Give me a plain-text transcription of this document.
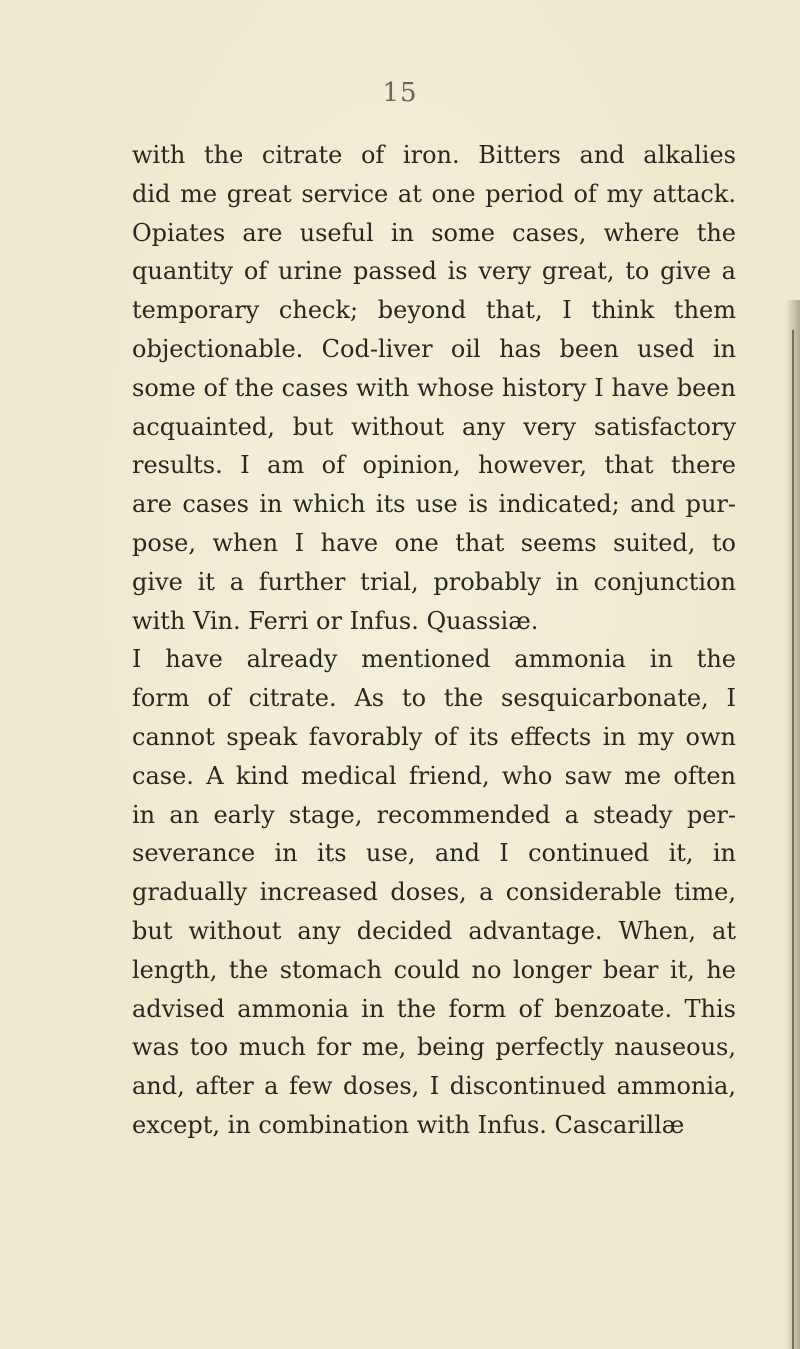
15
with the citrate of iron. Bitters and alkalies
did me great service at one period of my attack.
Opiates are useful in some cases, where the
quantity of urine passed is very great, to give a
temporary check; beyond that, I think them
objectionable. Cod-liver oil has been used in
some of the cases with whose history I have been
acquainted, but without any very satisfactory
results. I am of opinion, however, that there
are cases in which its use is indicated; and pur-
pose, when I have one that seems suited, to
give it a further trial, probably in conjunction
with Vin. Ferri or Infus. Quassiæ.
I have already mentioned ammonia in the
form of citrate. As to the sesquicarbonate, I
cannot speak favorably of its effects in my own
case. A kind medical friend, who saw me often
in an early stage, recommended a steady per-
severance in its use, and I continued it, in
gradually increased doses, a considerable time,
but without any decided advantage. When, at
length, the stomach could no longer bear it, he
advised ammonia in the form of benzoate. This
was too much for me, being perfectly nauseous,
and, after a few doses, I discontinued ammonia,
except, in combination with Infus. Cascarillæ
